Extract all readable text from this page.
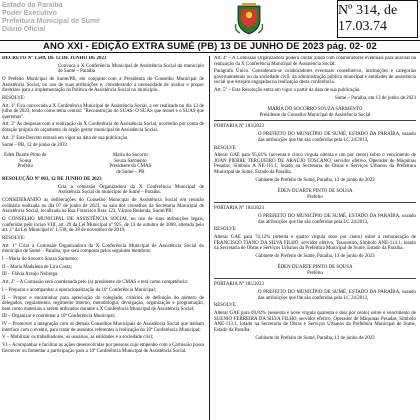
Estado da Paraíba
Poder Executivo
Prefeitura Municipal de Sumé
Diário Oficial
Nº 314, de 17.03.74
ANO XXI - EDIÇÃO EXTRA SUMÉ (PB) 13 DE JUNHO DE 2023 pág. 02- 02

DECRETO Nº 1.549, DE 12 DE JUNHO DE 2023

Convoca a X Conferência Municipal de Assistência Social do município de Sumé – Paraíba

O Prefeito Municipal de Sumé/PB, em conjunto com a Presidenta do Conselho Municipal de Assistência Social, no uso de suas atribuições e, considerando a necessidade de avaliar e propor diretrizes para a implementação da Política de Assistência Social no município.

RESOLVE:

Art. 1º Fica convocada a X Conferência Municipal de Assistência Social, a ser realizada no dia 13 de julho de 2023, tendo como tema central: "Reconstrução do SUAS: O SUAS que temos e o SUAS que queremos".

Art. 2º As despesas com a realização da X Conferência de Assistência Social, ocorrerão por conta de dotação própria do orçamento do órgão gestor municipal de Assistência Social.

Art. 3º Este Decreto entrará em vigor na data de sua publicação.

Sumé – PB, 12 de junho de 2023

Éden Duarte Pinto de Sousa
Prefeito
Maria do Socorro Souza Sarmento
Presidente do CMAS de Sumé – PB

RESOLUÇÃO Nº 003, 12 DE JUNHO DE 2023

Cria a comissão Organizadora da X Conferência Municipal de Assistência Social do município de Sumé – Paraíba.

CONSIDERANDO as deliberações do Conselho Municipal de Assistência Social em reunião ordinária realizada no dia 07 de junho de 2023, na sala dos conselhos da Secretaria Municipal de Assistência Social, localizada na Rua Francisco Braz 123, Várzea Redonda, Sumé/PB;

O CONSELHO MUNICIPAL DE ASSISTÊNCIA SOCIAL no uso de suas atribuições legais, conferidas pelo inciso VIII, art. 29 da Lei Municipal nº 925, de 13 de outubro de 2008, alterada pelo art. 1º da Lei Municipal nº 1.538, de 28 de novembro de 2019;

RESOLVE:

Art. 1º Criar a Comissão Organizadora da X Conferência Municipal de Assistência Social do município de Sumé – Paraíba, que será composta pelos seguintes membros:

I – Maria do Socorro Souza Sarmento;

II – Maria Madalena de Lira Costa;

III – Flávia Araújo Nobrega.

Art. 2º – A Comissão será coordenada pelo (a) presidente do CMAS e terá como competência:

I – Preparar e acompanhar a operacionalização da 10ª Conferência Municipal;

II – Propor e encaminhar para apreciação do colegiado, critérios de definição do número de delegados, regulamento, regimento interno, metodologia, divulgação, organização e programação, bem como materiais a serem utilizados durante a X Conferência Municipal de Assistência Social;

III – Organizar e coordenar a 10ª Conferência Municipal;

IV – Promover a integração com os demais Conselhos Municipais de Assistência Social que tenham interface com o evento, para tratar de assuntos referentes à realização da 10ª Conferência Municipal;

V – Mobilizar os trabalhadores, os usuários, as entidades e a sociedade civil;

VI – Acompanhar e facilitar as ações desenvolvidas por pessoas cujo empenho com a Comissão possa favorecer ou fomentar a participação para a 10ª Conferência Municipal de Assistência Social.

Art. 4º – A Comissão Organizadora poderá contar ainda com colaboradores eventuais para auxiliar na realização da X Conferência Municipal de Assistência Social.

Parágrafo Único. Consideram-se colaboradores eventuais conselheiros, instituições e categorias governamentais ou da sociedade civil, da administração pública municipal e entidades de assistência social que estejam engajadas na realização desta conferência.

Art. 5º – Esta Resolução entra em vigor a partir da data de sua publicação.

Sumé – Paraíba, em 13 de junho de 2023

MARIA DO SOCORRO SOUZA SARMENTO
Presidente do Conselho Municipal de Assistência Social

PORTARIA Nº 183/2023

O PREFEITO DO MUNICÍPIO DE SUMÉ, ESTADO DA PARAÍBA, usando das atribuições que lhe são conferidas pela LC 24/2013,

RESOLVE

Alterar GAE para 95,81% (noventa e cinco vírgula oitenta e um por cento) sobre o vencimento de JOAN PIERRE TERGUEIRO DE ARAÚJO TOSCANO, servidor efetivo, Operador de Máquinas Pesadas, Símbolo A NE-111.1, lotado na Secretaria de Obras e Serviços Urbanos da Prefeitura Municipal de Sumé, Estado da Paraíba.

Gabinete do Prefeito de Sumé, Paraíba, 13 de junho de 2023

ÉDEN DUARTE PINTO DE SOUSA
Prefeito

PORTARIA Nº 184/2023

O PREFEITO DO MUNICÍPIO DE SUMÉ, ESTADO DA PARAÍBA, usando das atribuições que lhe são conferidas pela LC 24/2013,

RESOLVE

Alterar GAE para 74,12% (setenta e quatro vírgula doze por cento) sobre a remuneração de FRANCISCO TIANO DA SILVA FILHO, servidor efetivo, Tesoureiro, Símbolo ANE-114.1, lotado na Secretaria de Obras e Serviços Urbanos da Prefeitura Municipal de Sumé, Estado da Paraíba.

Gabinete do Prefeito de Sumé, Paraíba, 13 de junho de 2023

ÉDEN DUARTE PINTO DE SOUSA
Prefeito

PORTARIA Nº 185/2023

O PREFEITO DO MUNICÍPIO DE SUMÉ, ESTADO DA PARAÍBA, usando das atribuições que lhe são conferidas pela LC 24/2013,

RESOLVE

Alterar GAE para 69,82% (sessenta e nove vírgula quarenta e dois por cento) sobre o vencimento de SUENIO FERREIRA DA SILVA FILHO, servidor efetivo, Operador de Máquinas Pesadas, Símbolo ANE-113.1, lotado na Secretaria de Obras e Serviços Urbanos da Prefeitura Municipal de Sumé, Estado da Paraíba.

Gabinete do Prefeito de Sumé, Paraíba, 13 de junho de 2023
